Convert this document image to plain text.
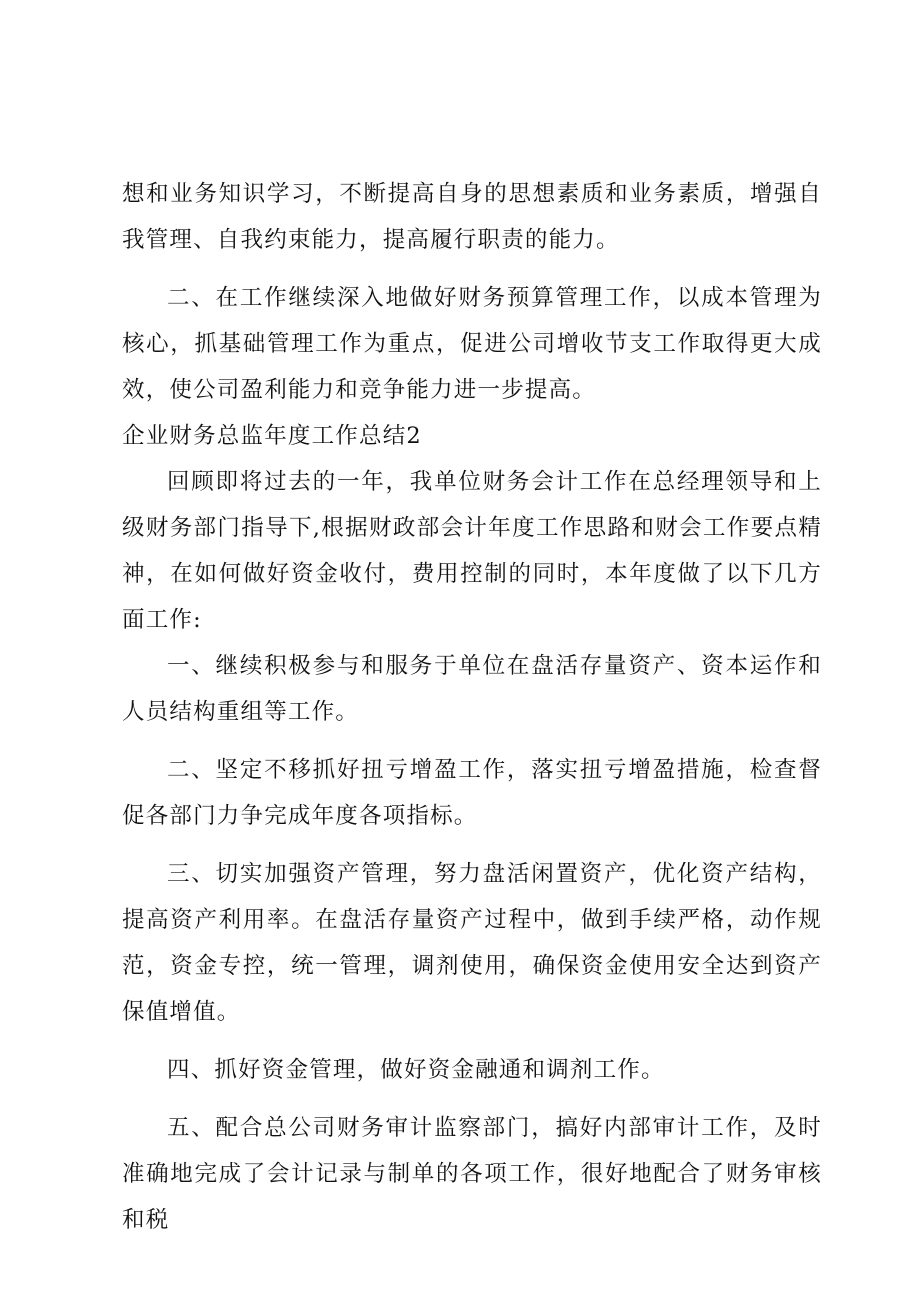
想和业务知识学习，不断提高自身的思想素质和业务素质，增强自我管理、自我约束能力，提高履行职责的能力。

二、在工作继续深入地做好财务预算管理工作，以成本管理为核心，抓基础管理工作为重点，促进公司增收节支工作取得更大成效，使公司盈利能力和竞争能力进一步提高。

企业财务总监年度工作总结2

回顾即将过去的一年，我单位财务会计工作在总经理领导和上级财务部门指导下,根据财政部会计年度工作思路和财会工作要点精神，在如何做好资金收付，费用控制的同时，本年度做了以下几方面工作:

一、继续积极参与和服务于单位在盘活存量资产、资本运作和人员结构重组等工作。

二、坚定不移抓好扭亏增盈工作，落实扭亏增盈措施，检查督促各部门力争完成年度各项指标。

三、切实加强资产管理，努力盘活闲置资产，优化资产结构，提高资产利用率。在盘活存量资产过程中，做到手续严格，动作规范，资金专控，统一管理，调剂使用，确保资金使用安全达到资产保值增值。

四、抓好资金管理，做好资金融通和调剂工作。

五、配合总公司财务审计监察部门，搞好内部审计工作，及时准确地完成了会计记录与制单的各项工作，很好地配合了财务审核和税
